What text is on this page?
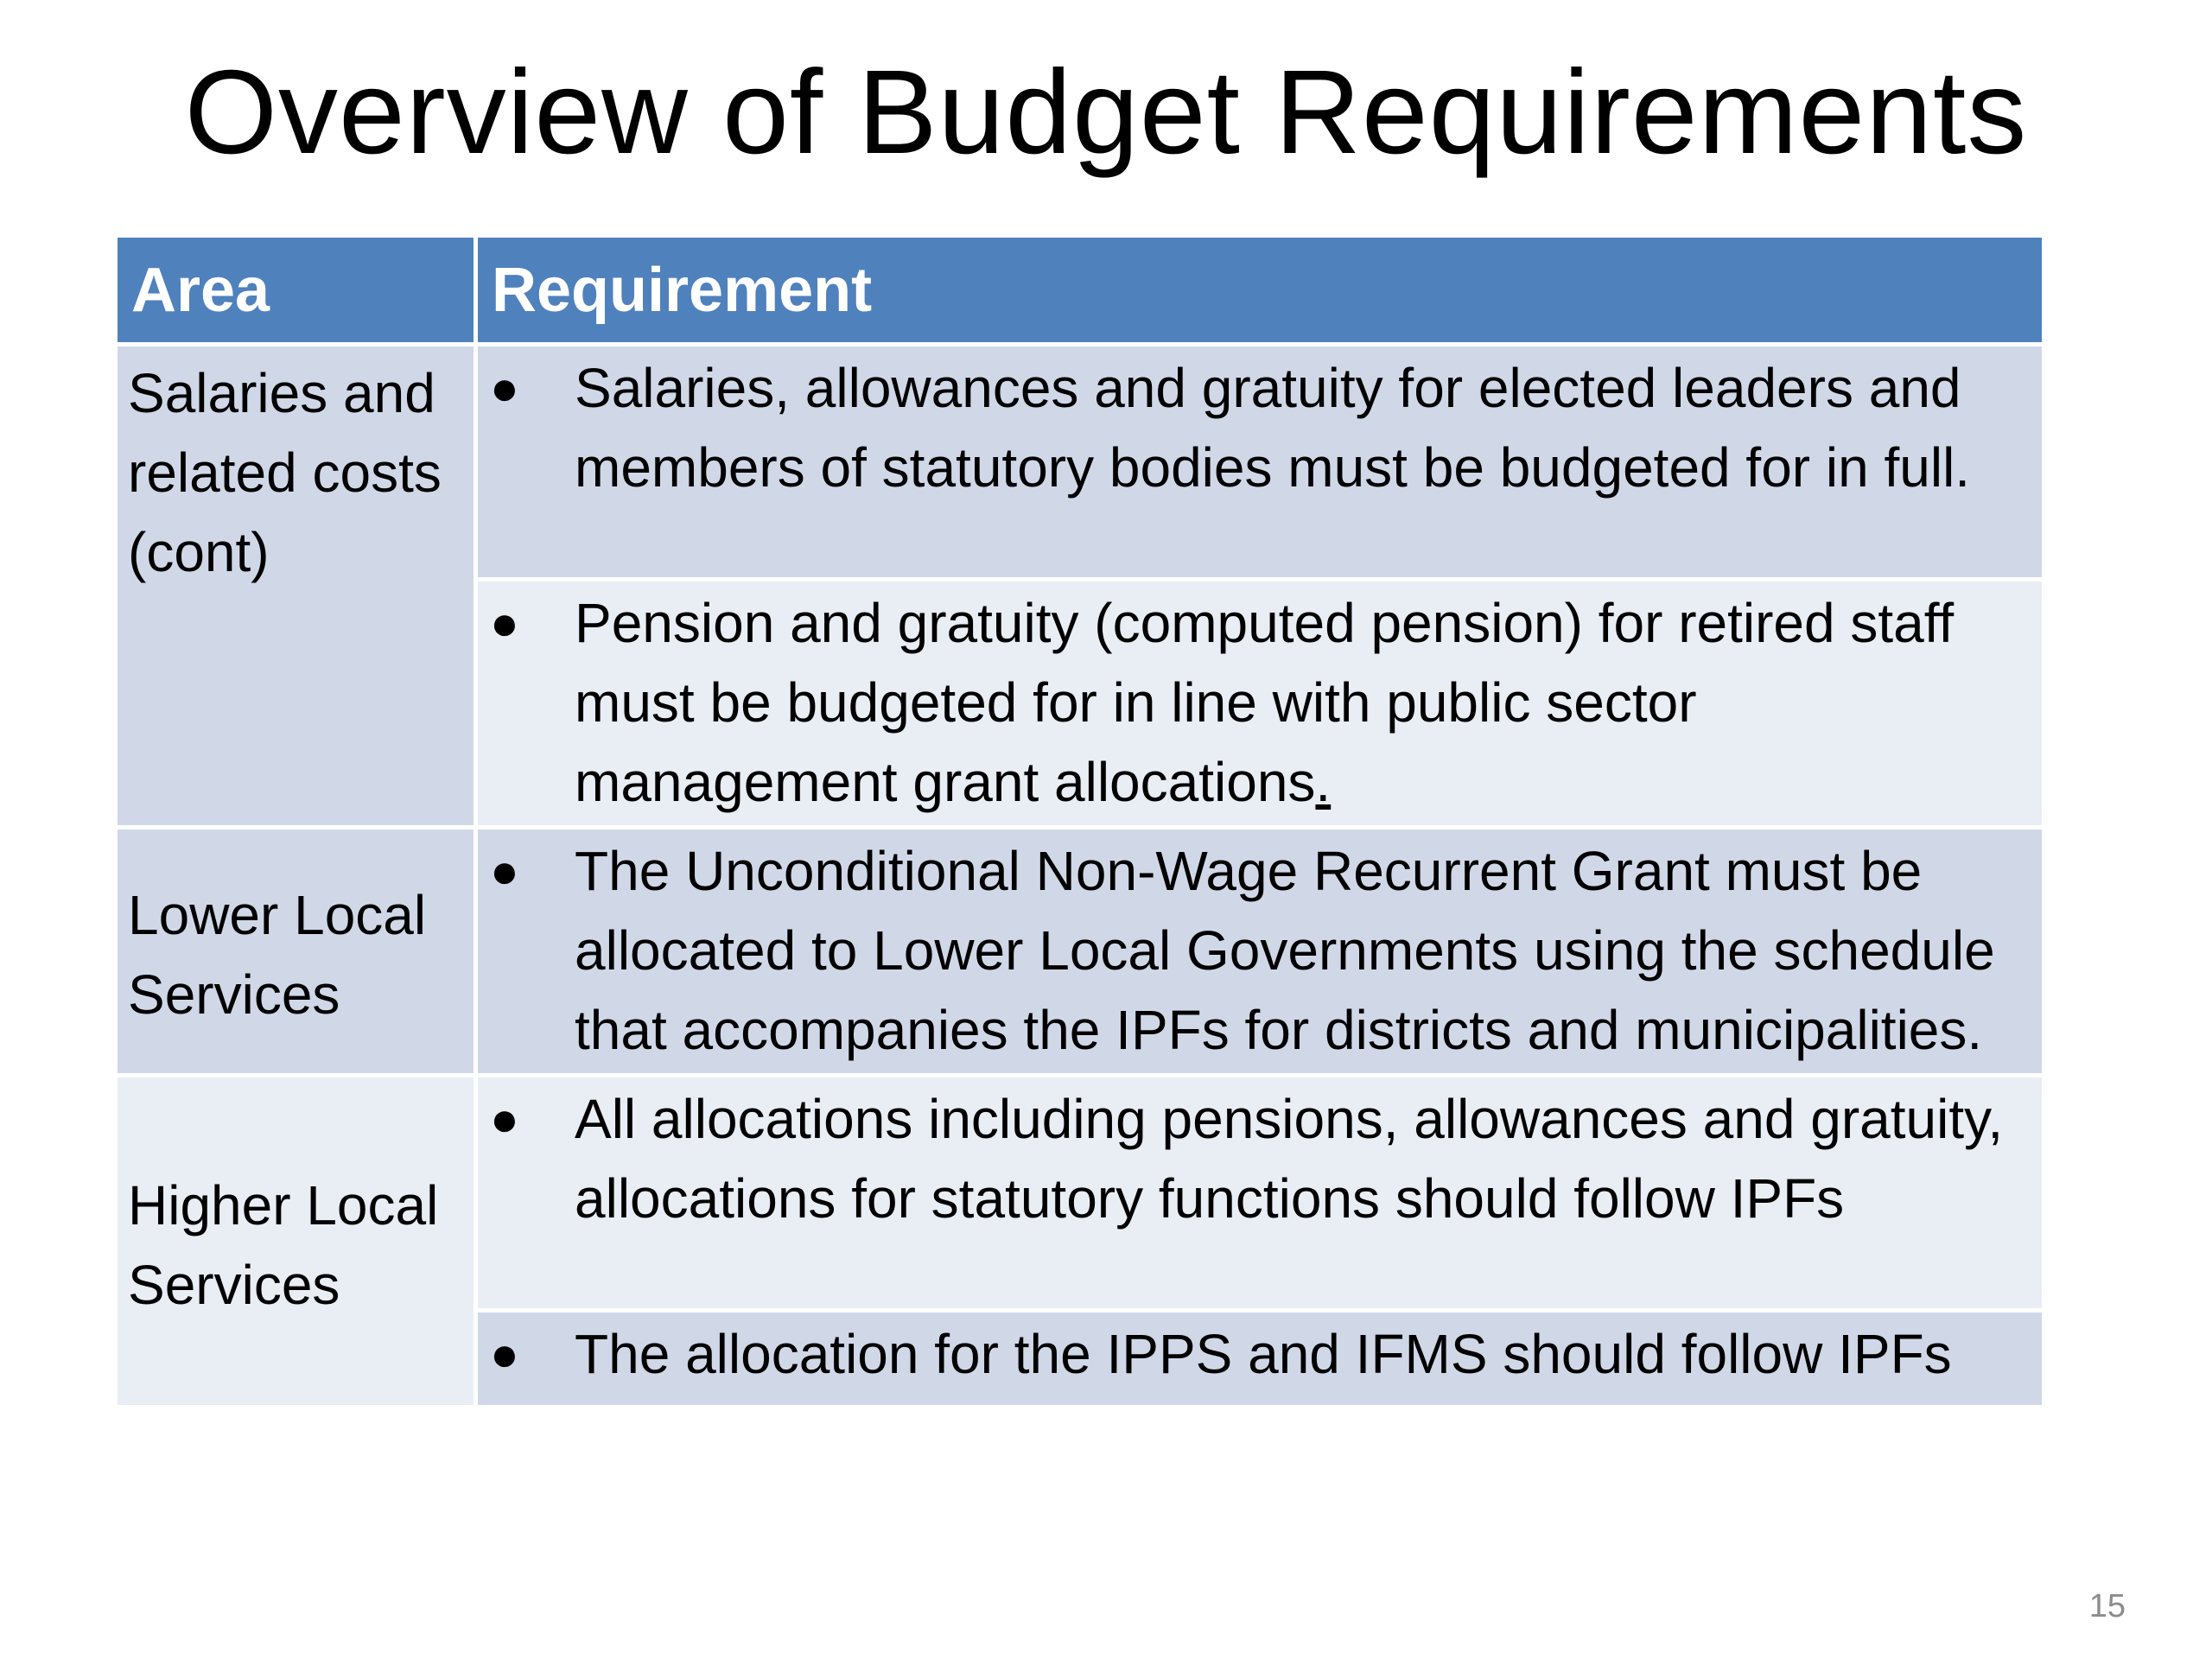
Overview of Budget Requirements
Area	Requirement
Salaries and related costs (cont)	● Salaries, allowances and gratuity for elected leaders and members of statutory bodies must be budgeted for in full.

	● Pension and gratuity (computed pension) for retired staff must be budgeted for in line with public sector management grant allocations.

Lower Local Services	● The Unconditional Non-Wage Recurrent Grant must be allocated to Lower Local Governments using the schedule that accompanies the IPFs for districts and municipalities.

Higher Local Services	● All allocations including pensions, allowances and gratuity, allocations for statutory functions should follow IPFs

	● The allocation for the IPPS and IFMS should follow IPFs
15
